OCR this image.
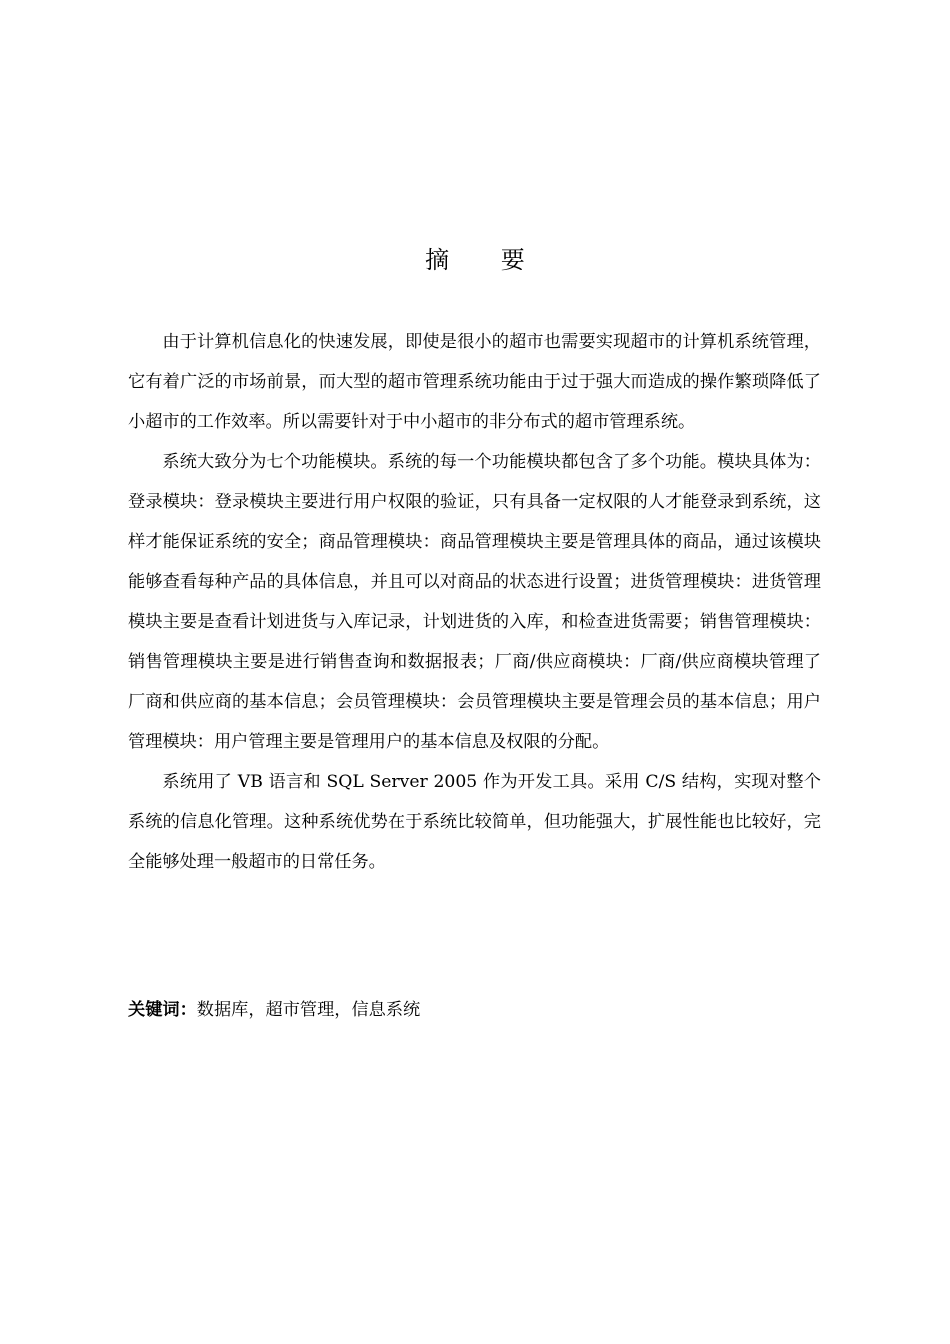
摘 要

由于计算机信息化的快速发展，即使是很小的超市也需要实现超市的计算机系统管理，它有着广泛的市场前景，而大型的超市管理系统功能由于过于强大而造成的操作繁琐降低了小超市的工作效率。所以需要针对于中小超市的非分布式的超市管理系统。

系统大致分为七个功能模块。系统的每一个功能模块都包含了多个功能。模块具体为：登录模块：登录模块主要进行用户权限的验证，只有具备一定权限的人才能登录到系统，这样才能保证系统的安全；商品管理模块：商品管理模块主要是管理具体的商品，通过该模块能够查看每种产品的具体信息，并且可以对商品的状态进行设置；进货管理模块：进货管理模块主要是查看计划进货与入库记录，计划进货的入库，和检查进货需要；销售管理模块：销售管理模块主要是进行销售查询和数据报表；厂商/供应商模块：厂商/供应商模块管理了厂商和供应商的基本信息；会员管理模块：会员管理模块主要是管理会员的基本信息；用户管理模块：用户管理主要是管理用户的基本信息及权限的分配。

系统用了 VB 语言和 SQL Server 2005 作为开发工具。采用 C/S 结构，实现对整个系统的信息化管理。这种系统优势在于系统比较简单，但功能强大，扩展性能也比较好，完全能够处理一般超市的日常任务。

关键词：数据库，超市管理，信息系统
